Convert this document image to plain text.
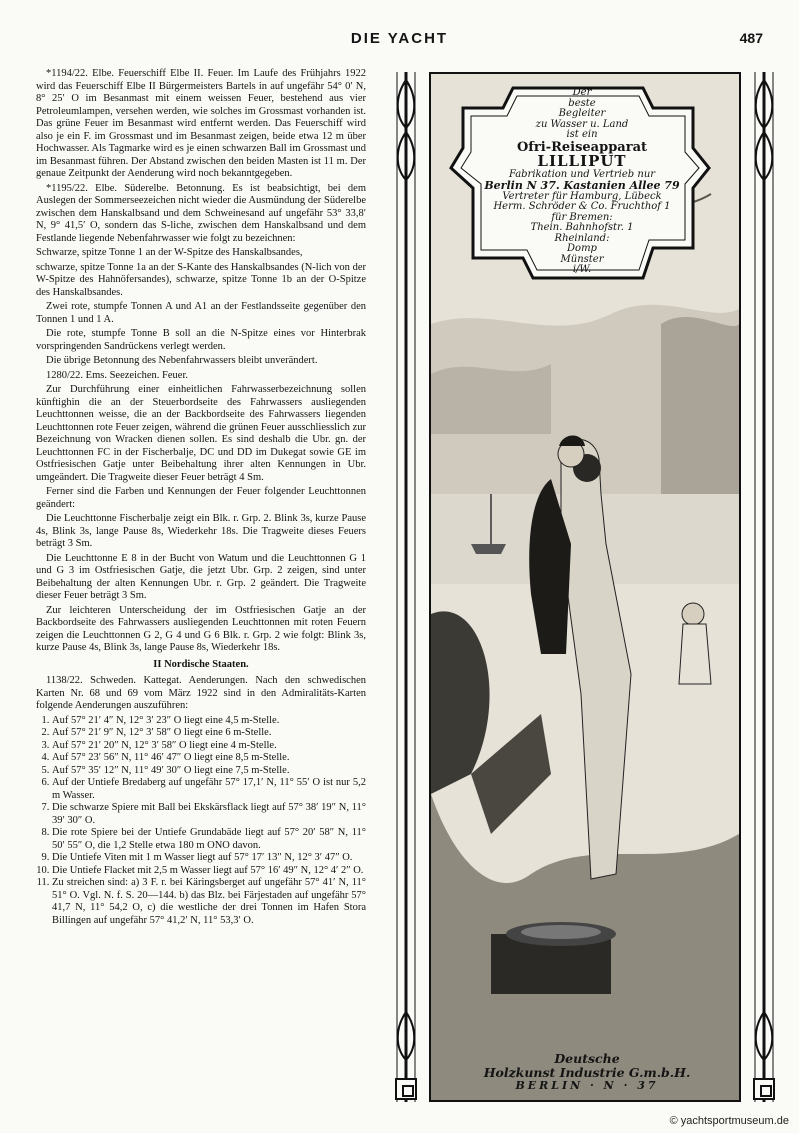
DIE YACHT	487

*1194/22. Elbe. Feuerschiff Elbe II. Feuer. Im Laufe des Frühjahrs 1922 wird das Feuerschiff Elbe II Bürgermeisters Bartels in auf ungefähr 54° 0′ N, 8° 25′ O im Besanmast mit einem weissen Feuer, bestehend aus vier Petroleumlampen, versehen werden, wie solches im Grossmast vorhanden ist. Das grüne Feuer im Besanmast wird entfernt werden. Das Feuerschiff wird also je ein F. im Grossmast und im Besanmast zeigen, beide etwa 12 m über Hochwasser. Als Tagmarke wird es je einen schwarzen Ball im Grossmast und im Besanmast führen. Der Abstand zwischen den beiden Masten ist 11 m. Der genaue Zeitpunkt der Aenderung wird noch bekanntgegeben.

*1195/22. Elbe. Süderelbe. Betonnung. Es ist beabsichtigt, bei dem Auslegen der Sommerseezeichen nicht wieder die Ausmündung der Süderelbe zwischen dem Hanskalbsand und dem Schweinesand auf ungefähr 53° 33,8′ N, 9° 41,5′ O, sondern das S-liche, zwischen dem Hanskalbsand und dem Festlande liegende Nebenfahrwasser wie folgt zu bezeichnen:

Schwarze, spitze Tonne 1 an der W-Spitze des Hanskalbsandes,

schwarze, spitze Tonne 1a an der S-Kante des Hanskalbsandes (N-lich von der W-Spitze des Hahnöfersandes), schwarze, spitze Tonne 1b an der O-Spitze des Hanskalbsandes.

Zwei rote, stumpfe Tonnen A und A1 an der Festlandsseite gegenüber den Tonnen 1 und 1 A.

Die rote, stumpfe Tonne B soll an die N-Spitze eines vor Hinterbrak vorspringenden Sandrückens verlegt werden.

Die übrige Betonnung des Nebenfahrwassers bleibt unverändert.

1280/22. Ems. Seezeichen. Feuer.

Zur Durchführung einer einheitlichen Fahrwasserbezeichnung sollen künftighin die an der Steuerbordseite des Fahrwassers ausliegenden Leuchttonnen weisse, die an der Backbordseite des Fahrwassers liegenden Leuchttonnen rote Feuer zeigen, während die grünen Feuer ausschliesslich zur Bezeichnung von Wracken dienen sollen. Es sind deshalb die Ubr. gn. der Leuchttonnen FC in der Fischerbalje, DC und DD im Dukegat sowie GE im Ostfriesischen Gatje unter Beibehaltung ihrer alten Kennungen in Ubr. umgeändert. Die Tragweite dieser Feuer beträgt 4 Sm.

Ferner sind die Farben und Kennungen der Feuer folgender Leuchttonnen geändert:

Die Leuchttonne Fischerbalje zeigt ein Blk. r. Grp. 2. Blink 3s, kurze Pause 4s, Blink 3s, lange Pause 8s, Wiederkehr 18s. Die Tragweite dieses Feuers beträgt 3 Sm.

Die Leuchttonne E 8 in der Bucht von Watum und die Leuchttonnen G 1 und G 3 im Ostfriesischen Gatje, die jetzt Ubr. Grp. 2 zeigen, sind unter Beibehaltung der alten Kennungen Ubr. r. Grp. 2 geändert. Die Tragweite dieser Feuer beträgt 3 Sm.

Zur leichteren Unterscheidung der im Ostfriesischen Gatje an der Backbordseite des Fahrwassers ausliegenden Leuchttonnen mit roten Feuern zeigen die Leuchttonnen G 2, G 4 und G 6 Blk. r. Grp. 2 wie folgt: Blink 3s, kurze Pause 4s, Blink 3s, lange Pause 8s, Wiederkehr 18s.

II Nordische Staaten.

1138/22. Schweden. Kattegat. Aenderungen. Nach den schwedischen Karten Nr. 68 und 69 vom März 1922 sind in den Admiralitäts-Karten folgende Aenderungen auszuführen:

1. Auf 57° 21′ 4″ N, 12° 3′ 23″ O liegt eine 4,5 m-Stelle.
2. Auf 57° 21′ 9″ N, 12° 3′ 58″ O liegt eine 6 m-Stelle.
3. Auf 57° 21′ 20″ N, 12° 3′ 58″ O liegt eine 4 m-Stelle.
4. Auf 57° 23′ 56″ N, 11° 46′ 47″ O liegt eine 8,5 m-Stelle.
5. Auf 57° 35′ 12″ N, 11° 49′ 30″ O liegt eine 7,5 m-Stelle.
6. Auf der Untiefe Bredaberg auf ungefähr 57° 17,1′ N, 11° 55′ O ist nur 5,2 m Wasser.
7. Die schwarze Spiere mit Ball bei Ekskärsflack liegt auf 57° 38′ 19″ N, 11° 39′ 30″ O.
8. Die rote Spiere bei der Untiefe Grundabäde liegt auf 57° 20′ 58″ N, 11° 50′ 55″ O, die 1,2 Stelle etwa 180 m ONO davon.
9. Die Untiefe Viten mit 1 m Wasser liegt auf 57° 17′ 13″ N, 12° 3′ 47″ O.
10. Die Untiefe Flacket mit 2,5 m Wasser liegt auf 57° 16′ 49″ N, 12° 4′ 2″ O.
11. Zu streichen sind: a) 3 F. r. bei Käringsberget auf ungefähr 57° 41′ N, 11° 51° O. Vgl. N. f. S. 20—144. b) das Blz. bei Färjestaden auf ungefähr 57° 41,7 N, 11° 54,2 O, c) die westliche der drei Tonnen im Hafen Stora Billingen auf ungefähr 57° 41,2′ N, 11° 53,3′ O.
Der
beste
Begleiter
zu Wasser u. Land
ist ein
Ofri-Reiseapparat
LILLIPUT
Fabrikation und Vertrieb nur
Berlin N 37. Kastanien Allee 79
Vertreter für Hamburg, Lübeck
Herm. Schröder & Co. Fruchthof 1
für Bremen:
Thein. Bahnhofstr. 1
Rheinland:
Domp
Münster
i/W.
Deutsche
Holzkunst Industrie G.m.b.H.
BERLIN · N · 37
© yachtsportmuseum.de
